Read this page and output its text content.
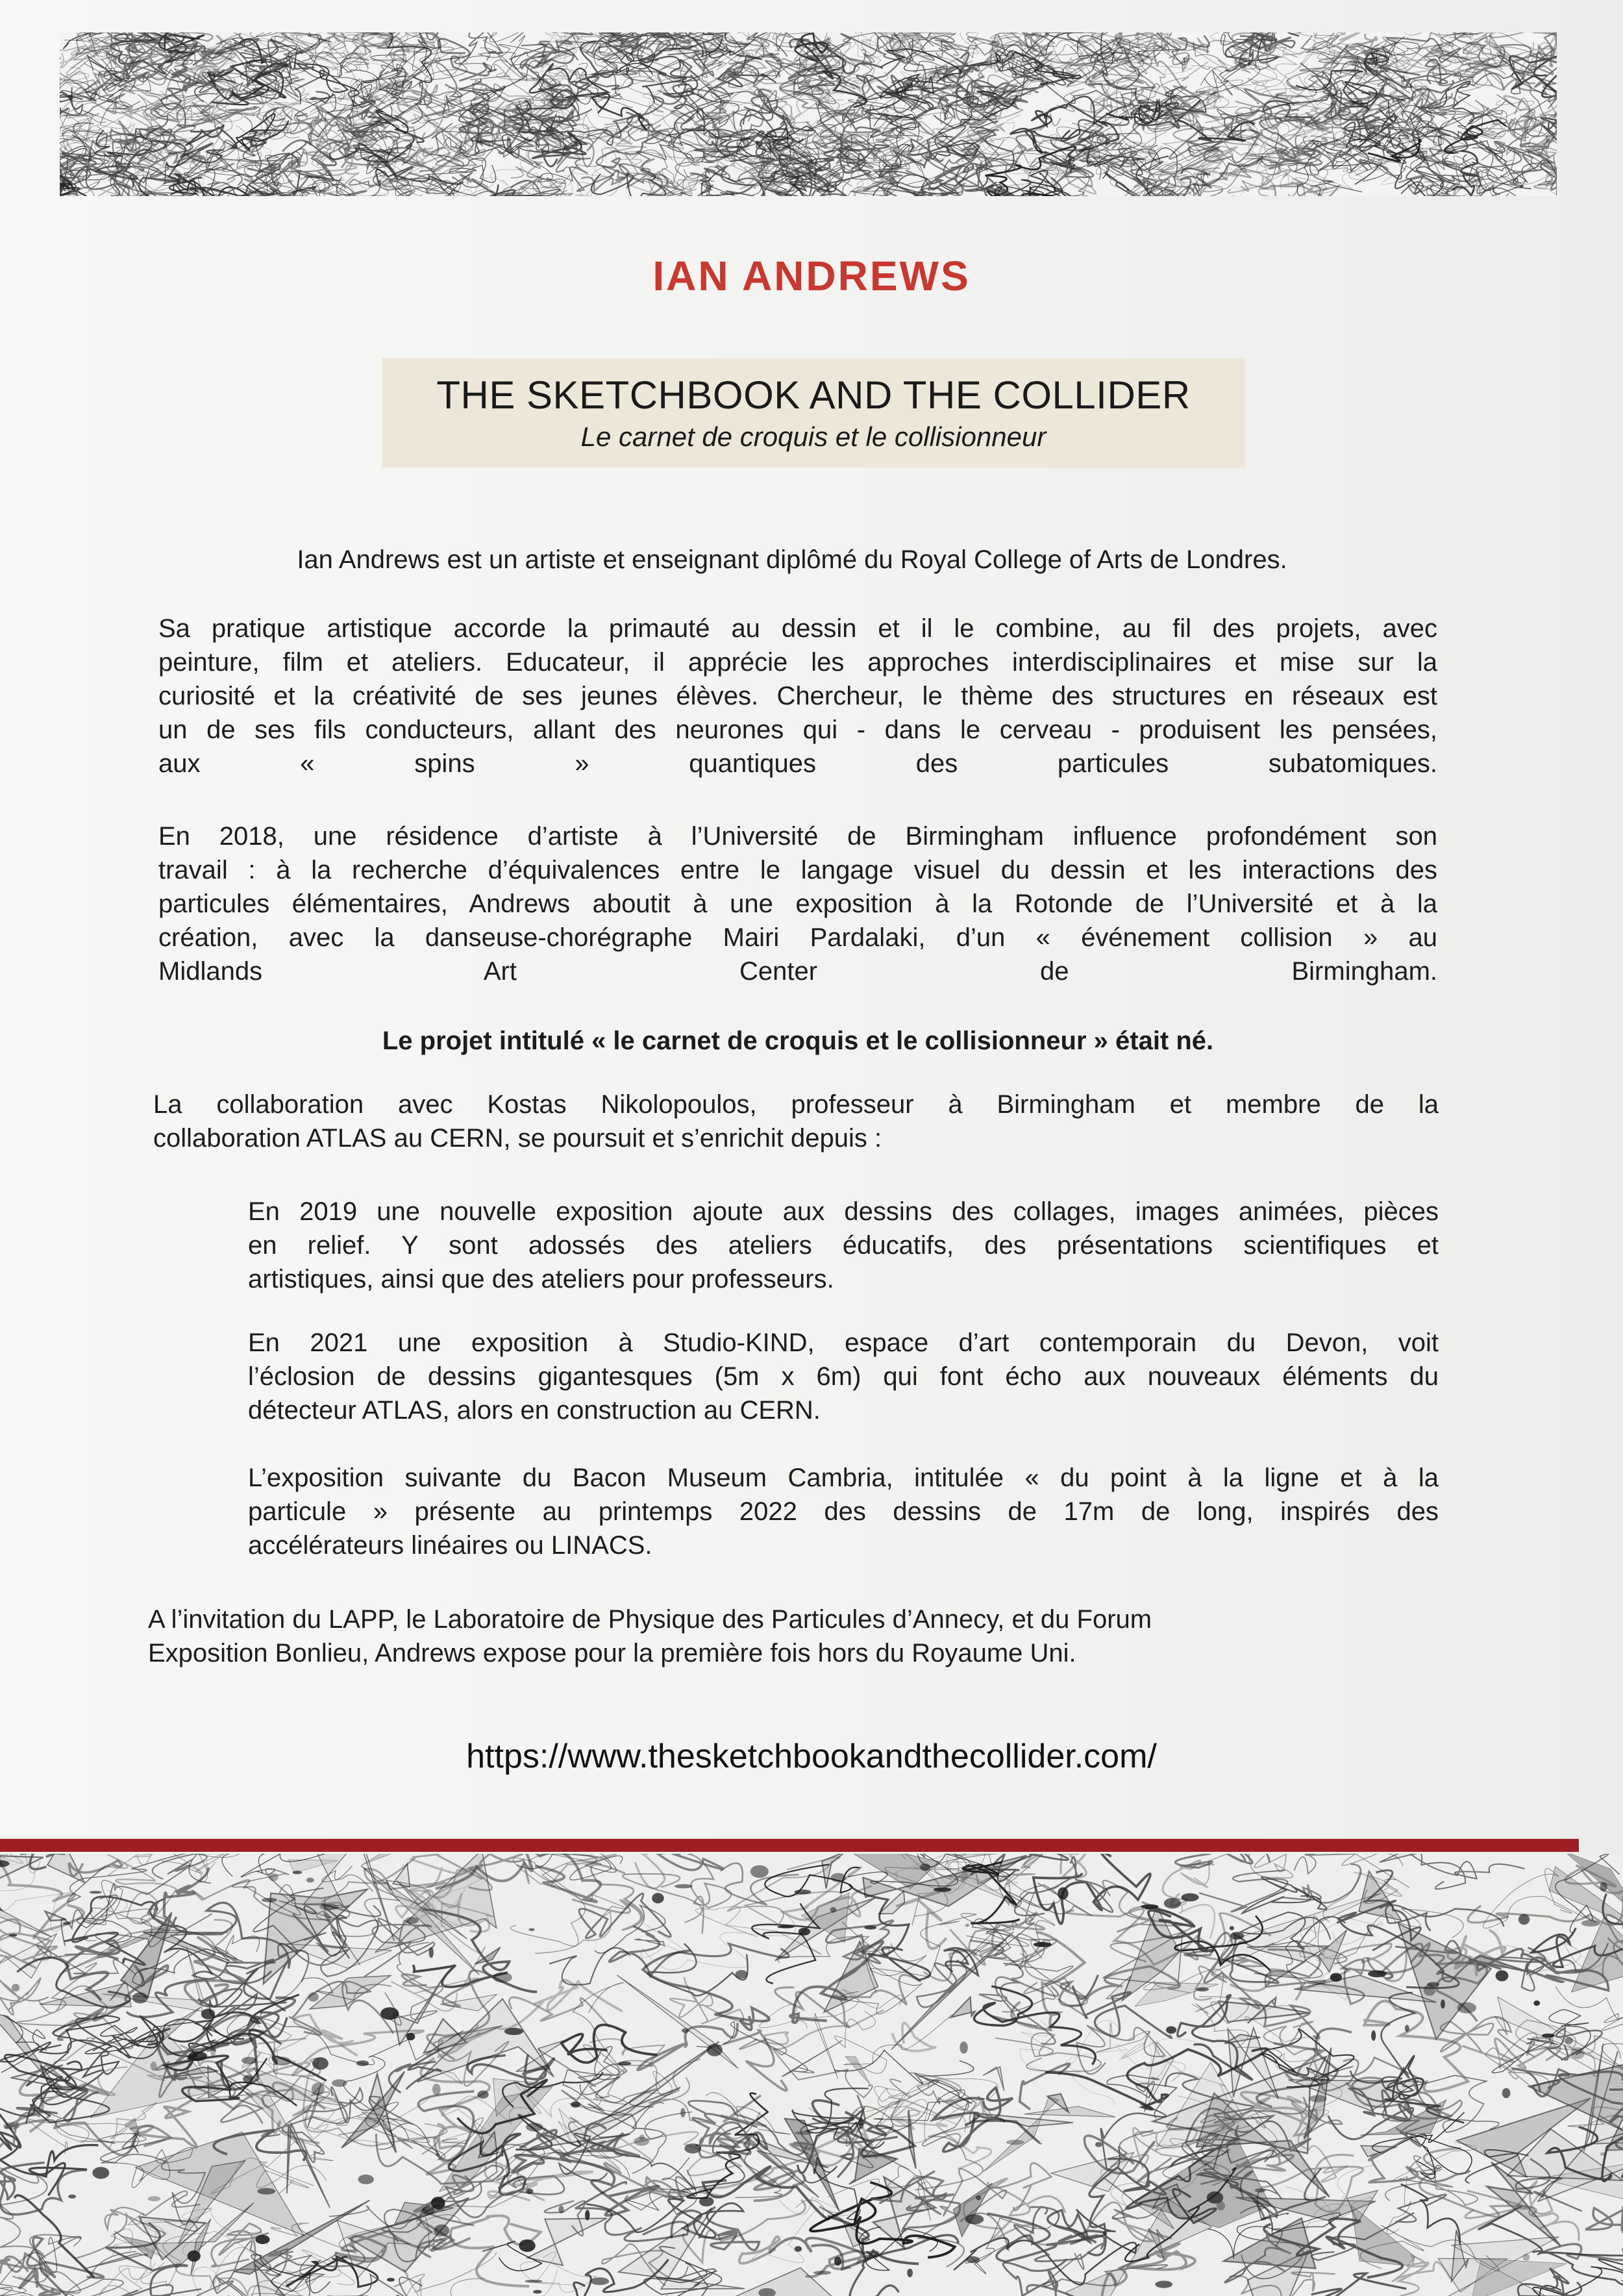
IAN ANDREWS
THE SKETCHBOOK AND THE COLLIDER
Le carnet de croquis et le collisionneur
Ian Andrews est un artiste et enseignant diplômé du Royal College of Arts de Londres.
Sa pratique artistique accorde la primauté au dessin et il le combine, au fil des projets, avec
peinture, film et ateliers. Educateur, il apprécie les approches interdisciplinaires et mise sur la
curiosité et la créativité de ses jeunes élèves. Chercheur, le thème des structures en réseaux est
un de ses fils conducteurs, allant des neurones qui - dans le cerveau - produisent les pensées,
aux « spins » quantiques des particules subatomiques.
En 2018, une résidence d’artiste à l’Université de Birmingham influence profondément son
travail : à la recherche d’équivalences entre le langage visuel du dessin et les interactions des
particules élémentaires, Andrews aboutit à une exposition à la Rotonde de l’Université et à la
création, avec la danseuse-chorégraphe Mairi Pardalaki, d’un « événement collision » au
Midlands Art Center de Birmingham.
Le projet intitulé « le carnet de croquis et le collisionneur » était né.
La collaboration avec Kostas Nikolopoulos, professeur à Birmingham et membre de la
collaboration ATLAS au CERN, se poursuit et s’enrichit depuis :
En 2019 une nouvelle exposition ajoute aux dessins des collages, images animées, pièces
en relief. Y sont adossés des ateliers éducatifs, des présentations scientifiques et
artistiques, ainsi que des ateliers pour professeurs.
En 2021 une exposition à Studio-KIND, espace d’art contemporain du Devon, voit
l’éclosion de dessins gigantesques (5m x 6m) qui font écho aux nouveaux éléments du
détecteur ATLAS, alors en construction au CERN.
L’exposition suivante du Bacon Museum Cambria, intitulée « du point à la ligne et à la
particule » présente au printemps 2022 des dessins de 17m de long, inspirés des
accélérateurs linéaires ou LINACS.
A l’invitation du LAPP, le Laboratoire de Physique des Particules d’Annecy, et du Forum
Exposition Bonlieu, Andrews expose pour la première fois hors du Royaume Uni.
https://www.thesketchbookandthecollider.com/
